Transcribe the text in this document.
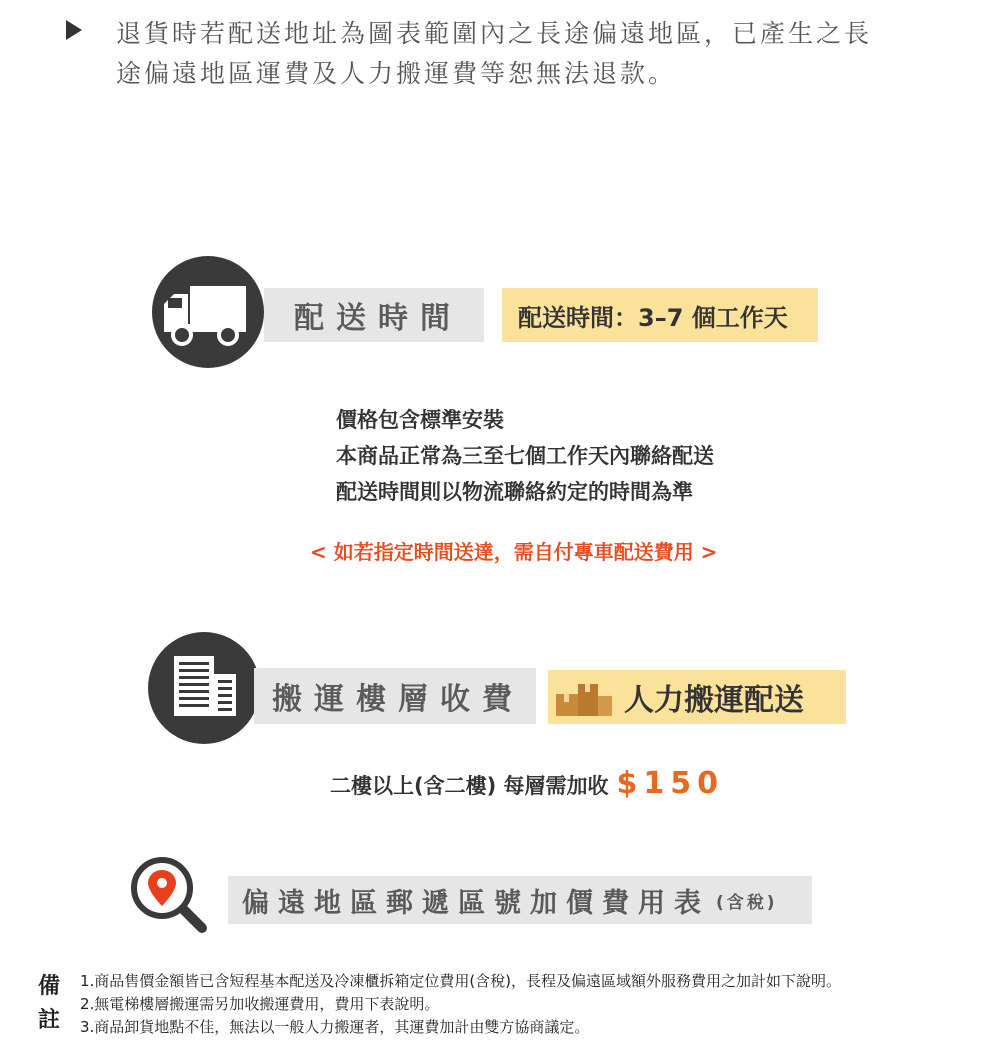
退貨時若配送地址為圖表範圍內之長途偏遠地區，已產生之長
途偏遠地區運費及人力搬運費等恕無法退款。
配送時間	配送時間：3–7 個工作天
價格包含標準安裝
本商品正常為三至七個工作天內聯絡配送
配送時間則以物流聯絡約定的時間為準
< 如若指定時間送達，需自付專車配送費用 >
搬運樓層收費	人力搬運配送
二樓以上(含二樓) 每層需加收 $150
偏遠地區郵遞區號加價費用表 (含稅)
備
註
1.商品售價金額皆已含短程基本配送及冷凍櫃拆箱定位費用(含稅)，長程及偏遠區域額外服務費用之加計如下說明。
2.無電梯樓層搬運需另加收搬運費用，費用下表說明。
3.商品卸貨地點不佳，無法以一般人力搬運者，其運費加計由雙方協商議定。
